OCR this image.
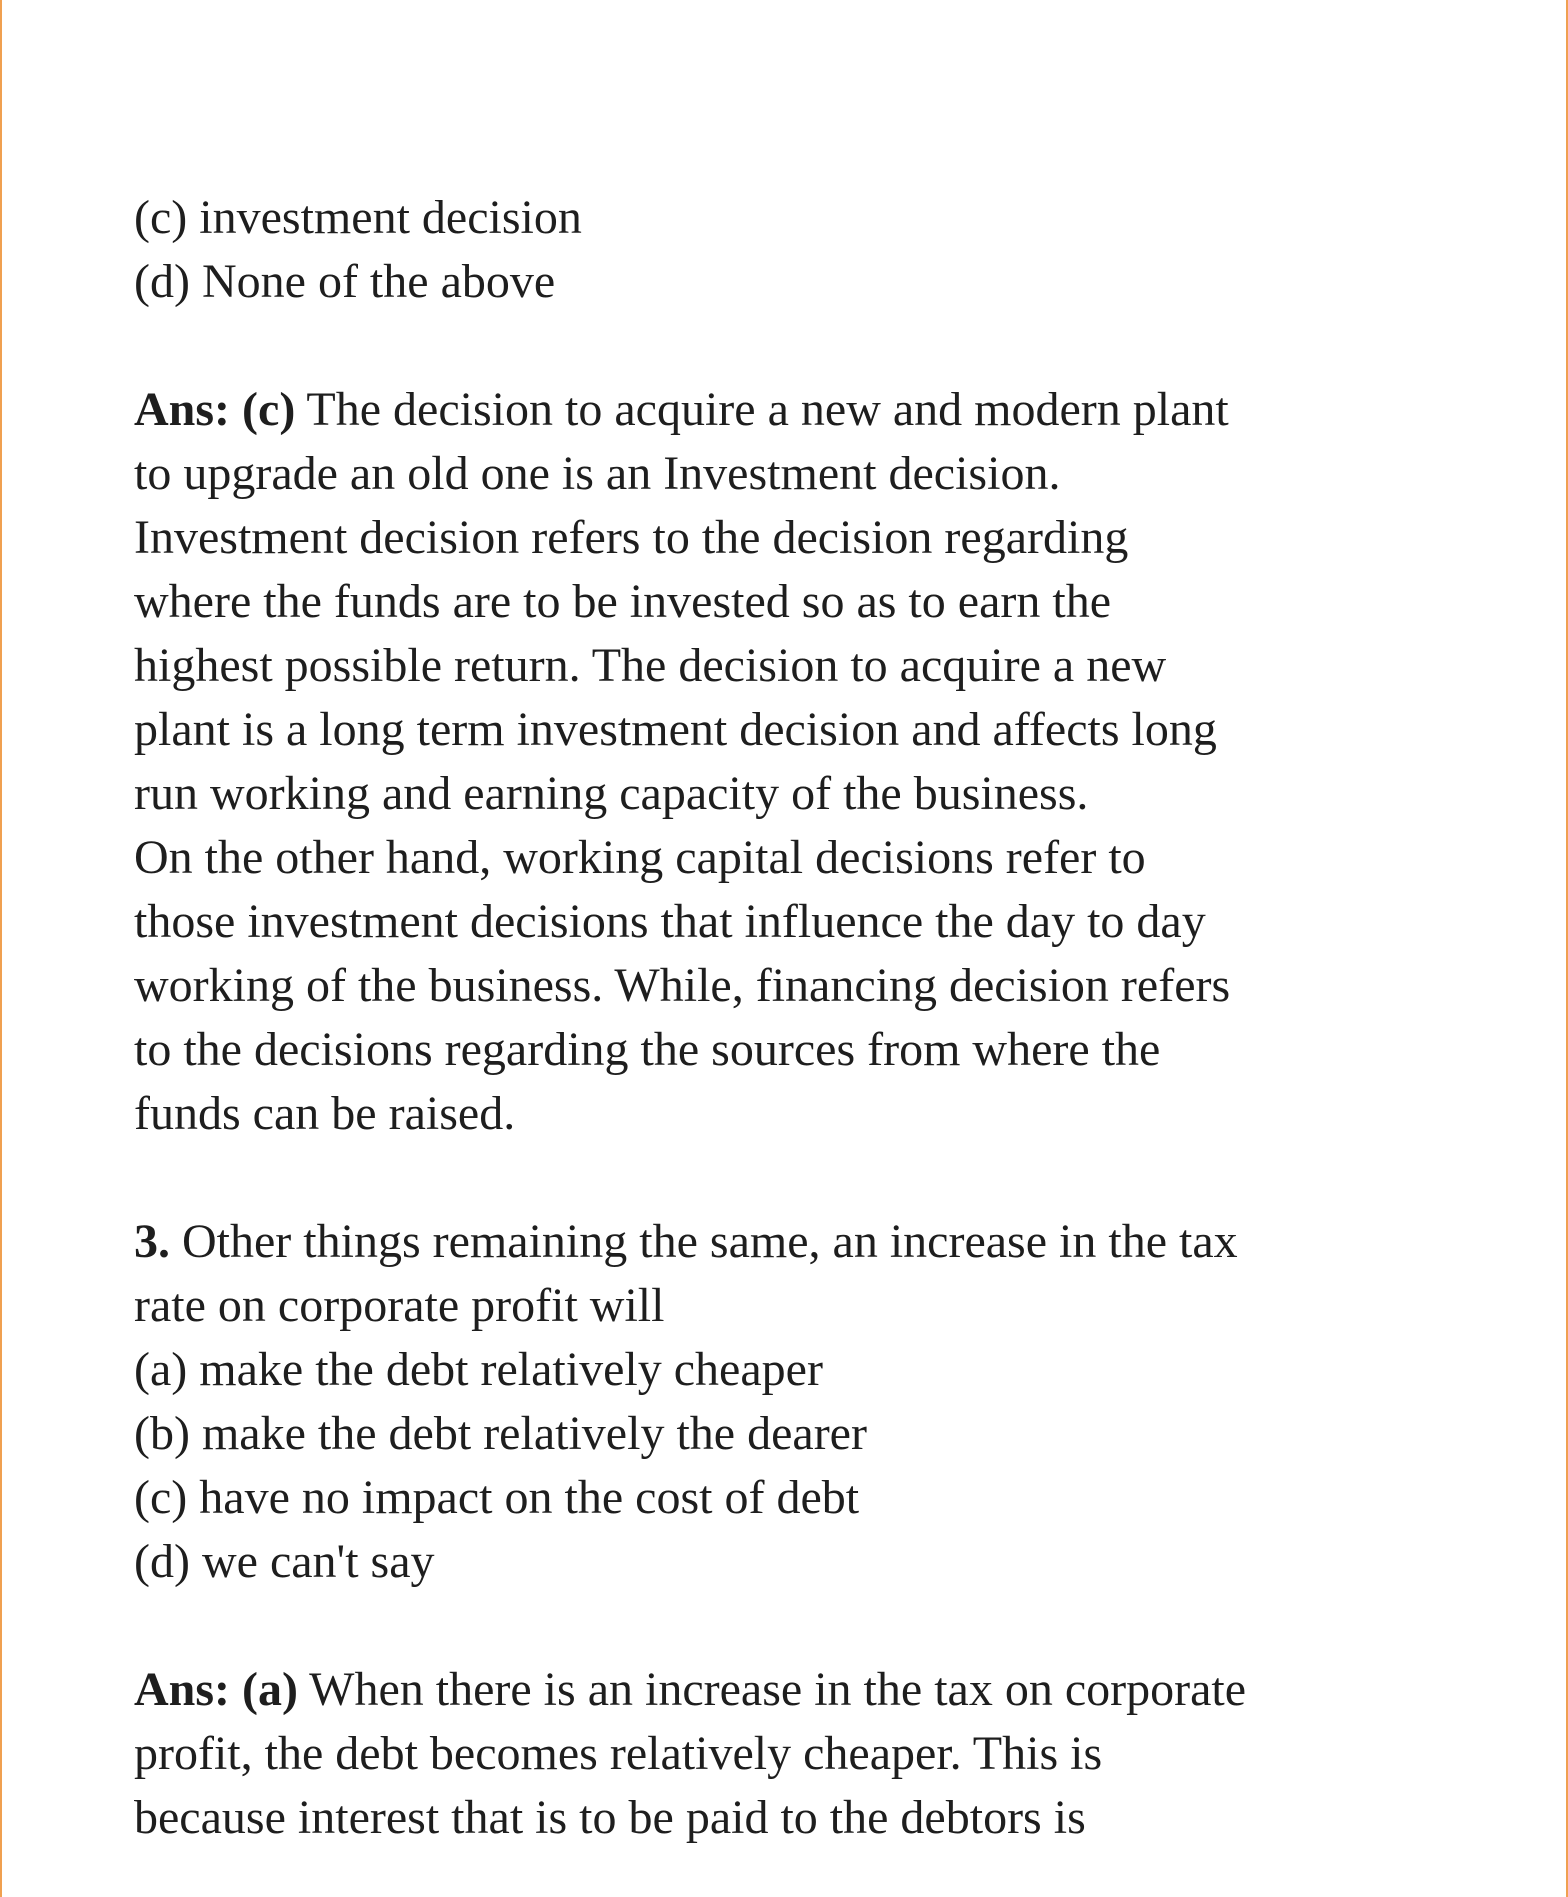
(c) investment decision
(d) None of the above
Ans: (c) The decision to acquire a new and modern plant
to upgrade an old one is an Investment decision.
Investment decision refers to the decision regarding
where the funds are to be invested so as to earn the
highest possible return. The decision to acquire a new
plant is a long term investment decision and affects long
run working and earning capacity of the business.
On the other hand, working capital decisions refer to
those investment decisions that influence the day to day
working of the business. While, financing decision refers
to the decisions regarding the sources from where the
funds can be raised.
3. Other things remaining the same, an increase in the tax
rate on corporate profit will
(a) make the debt relatively cheaper
(b) make the debt relatively the dearer
(c) have no impact on the cost of debt
(d) we can't say
Ans: (a) When there is an increase in the tax on corporate
profit, the debt becomes relatively cheaper. This is
because interest that is to be paid to the debtors is
